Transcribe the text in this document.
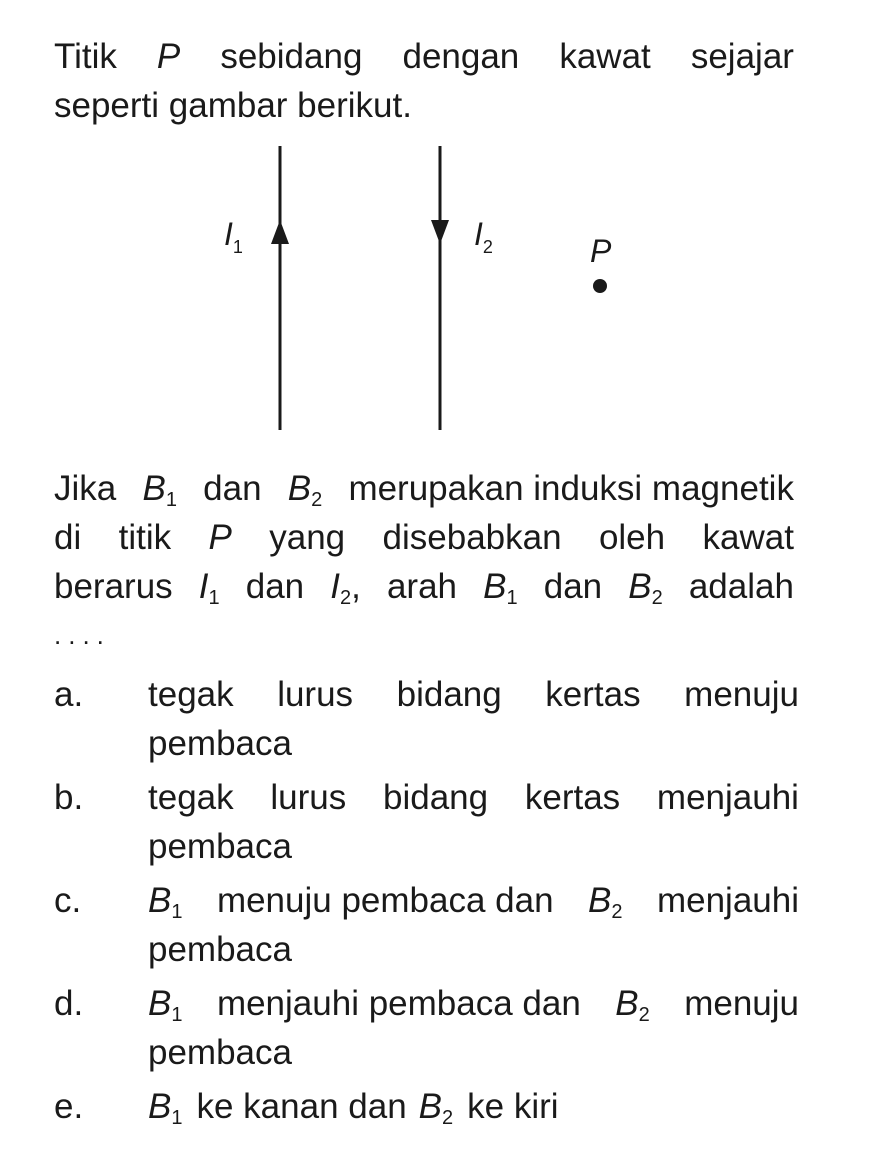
Titik P sebidang dengan kawat sejajar
seperti gambar berikut.
$I_1$	$I_2$	P
Jika $B_1$ dan $B_2$ merupakan induksi magnetik
di titik P yang disebabkan oleh kawat
berarus $I_1$ dan $I_2$, arah $B_1$ dan $B_2$ adalah
....
a.	tegak lurus bidang kertas menuju
pembaca
b.	tegak lurus bidang kertas menjauhi
pembaca
c.	$B_1$ menuju pembaca dan $B_2$ menjauhi
pembaca
d.	$B_1$ menjauhi pembaca dan $B_2$ menuju
pembaca
e.	$B_1$ ke kanan dan $B_2$ ke kiri
